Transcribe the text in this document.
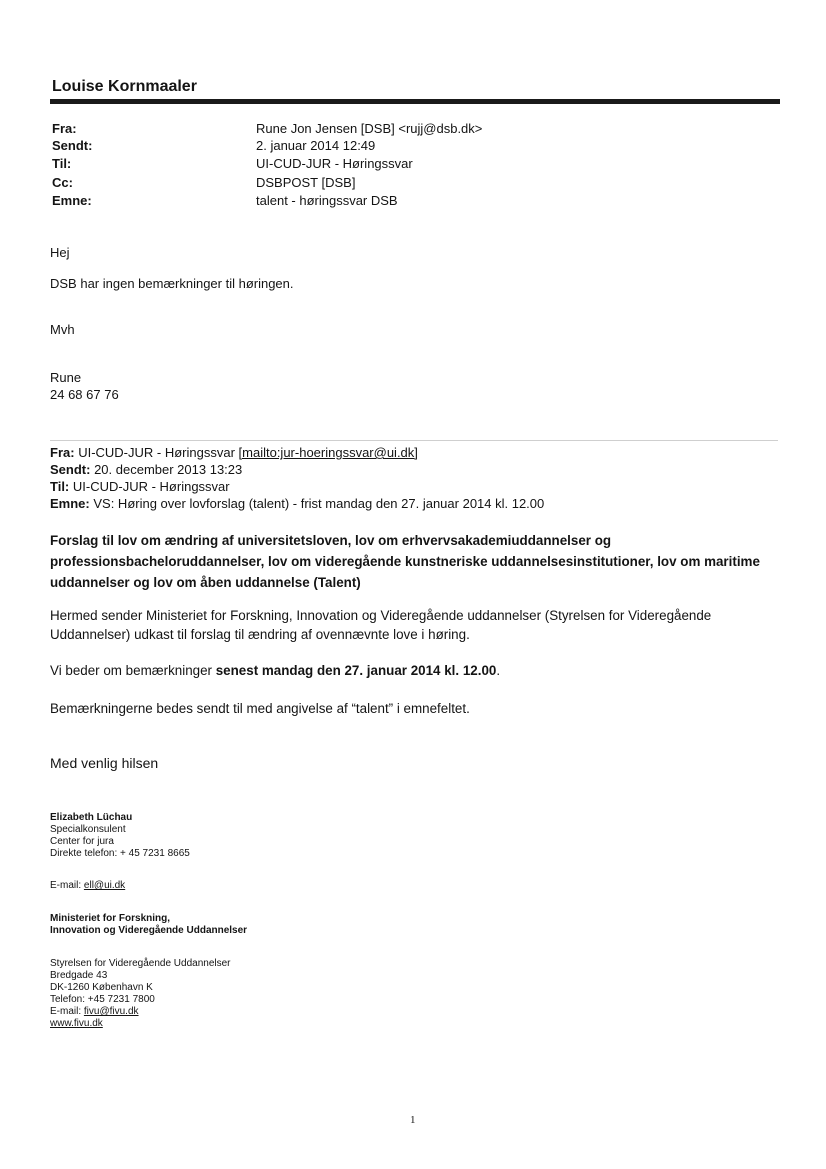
Louise Kornmaaler
Fra:	Rune Jon Jensen [DSB] <rujj@dsb.dk>
Sendt:	2. januar 2014 12:49
Til:	UI-CUD-JUR - Høringssvar
Cc:	DSBPOST [DSB]
Emne:	talent - høringssvar DSB
Hej
DSB har ingen bemærkninger til høringen.
Mvh
Rune
24 68 67 76
Fra: UI-CUD-JUR - Høringssvar [mailto:jur-hoeringssvar@ui.dk]
Sendt: 20. december 2013 13:23
Til: UI-CUD-JUR - Høringssvar
Emne: VS: Høring over lovforslag (talent) - frist mandag den 27. januar 2014 kl. 12.00
Forslag til lov om ændring af universitetsloven, lov om erhvervsakademiuddannelser og professionsbacheloruddannelser, lov om videregående kunstneriske uddannelsesinstitutioner, lov om maritime uddannelser og lov om åben uddannelse (Talent)
Hermed sender Ministeriet for Forskning, Innovation og Videregående uddannelser (Styrelsen for Videregående Uddannelser) udkast til forslag til ændring af ovennævnte love i høring.
Vi beder om bemærkninger senest mandag den 27. januar 2014 kl. 12.00.
Bemærkningerne bedes sendt til med angivelse af “talent” i emnefeltet.
Med venlig hilsen
Elizabeth Lüchau
Specialkonsulent
Center for jura
Direkte telefon: + 45 7231 8665
E-mail: ell@ui.dk
Ministeriet for Forskning,
Innovation og Videregående Uddannelser
Styrelsen for Videregående Uddannelser
Bredgade 43
DK-1260 København K
Telefon: +45 7231 7800
E-mail: fivu@fivu.dk
www.fivu.dk
1
